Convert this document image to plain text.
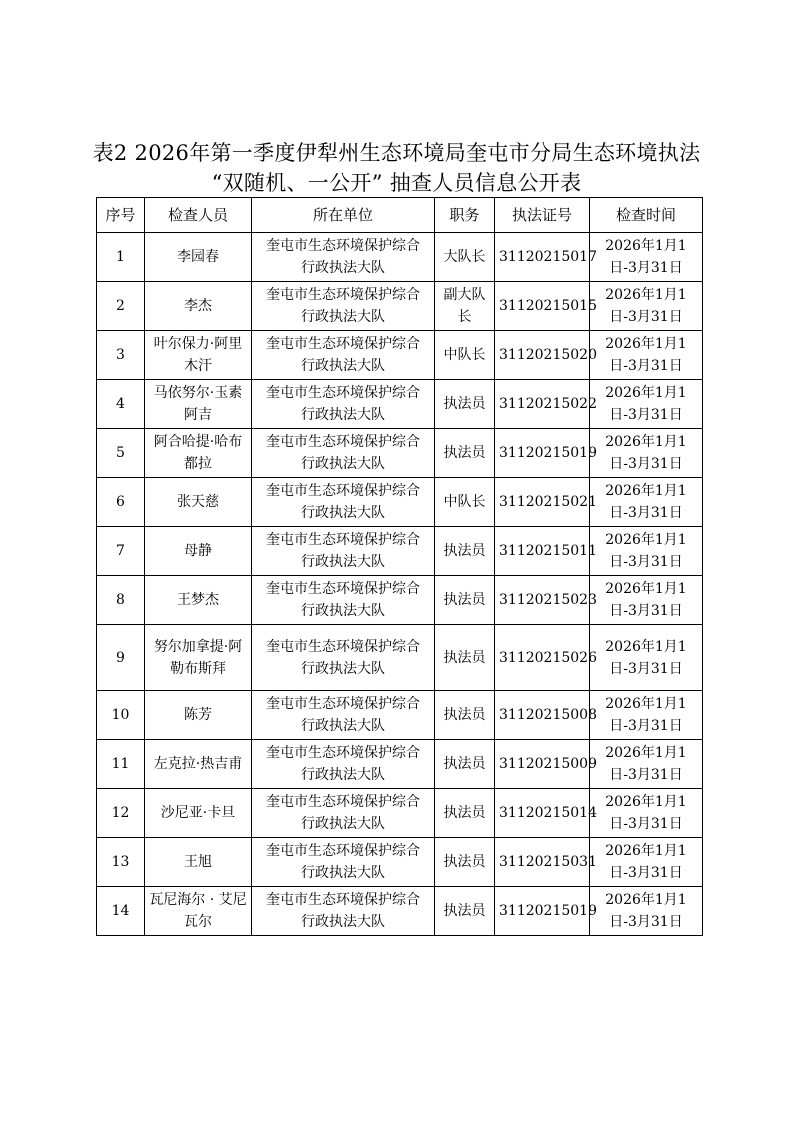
表2 2026年第一季度伊犁州生态环境局奎屯市分局生态环境执法
“双随机、一公开” 抽查人员信息公开表
序号	检查人员	所在单位	职务	执法证号	检查时间
1	李园春	奎屯市生态环境保护综合行政执法大队	大队长	31120215017	2026年1月1日-3月31日
2	李杰	奎屯市生态环境保护综合行政执法大队	副大队长	31120215015	2026年1月1日-3月31日
3	叶尔保力·阿里木汗	奎屯市生态环境保护综合行政执法大队	中队长	31120215020	2026年1月1日-3月31日
4	马依努尔·玉素阿吉	奎屯市生态环境保护综合行政执法大队	执法员	31120215022	2026年1月1日-3月31日
5	阿合哈提·哈布都拉	奎屯市生态环境保护综合行政执法大队	执法员	31120215019	2026年1月1日-3月31日
6	张天慈	奎屯市生态环境保护综合行政执法大队	中队长	31120215021	2026年1月1日-3月31日
7	母静	奎屯市生态环境保护综合行政执法大队	执法员	31120215011	2026年1月1日-3月31日
8	王梦杰	奎屯市生态环境保护综合行政执法大队	执法员	31120215023	2026年1月1日-3月31日
9	努尔加拿提·阿勒布斯拜	奎屯市生态环境保护综合行政执法大队	执法员	31120215026	2026年1月1日-3月31日
10	陈芳	奎屯市生态环境保护综合行政执法大队	执法员	31120215008	2026年1月1日-3月31日
11	左克拉·热吉甫	奎屯市生态环境保护综合行政执法大队	执法员	31120215009	2026年1月1日-3月31日
12	沙尼亚·卡旦	奎屯市生态环境保护综合行政执法大队	执法员	31120215014	2026年1月1日-3月31日
13	王旭	奎屯市生态环境保护综合行政执法大队	执法员	31120215031	2026年1月1日-3月31日
14	瓦尼海尔 · 艾尼瓦尔	奎屯市生态环境保护综合行政执法大队	执法员	31120215019	2026年1月1日-3月31日
